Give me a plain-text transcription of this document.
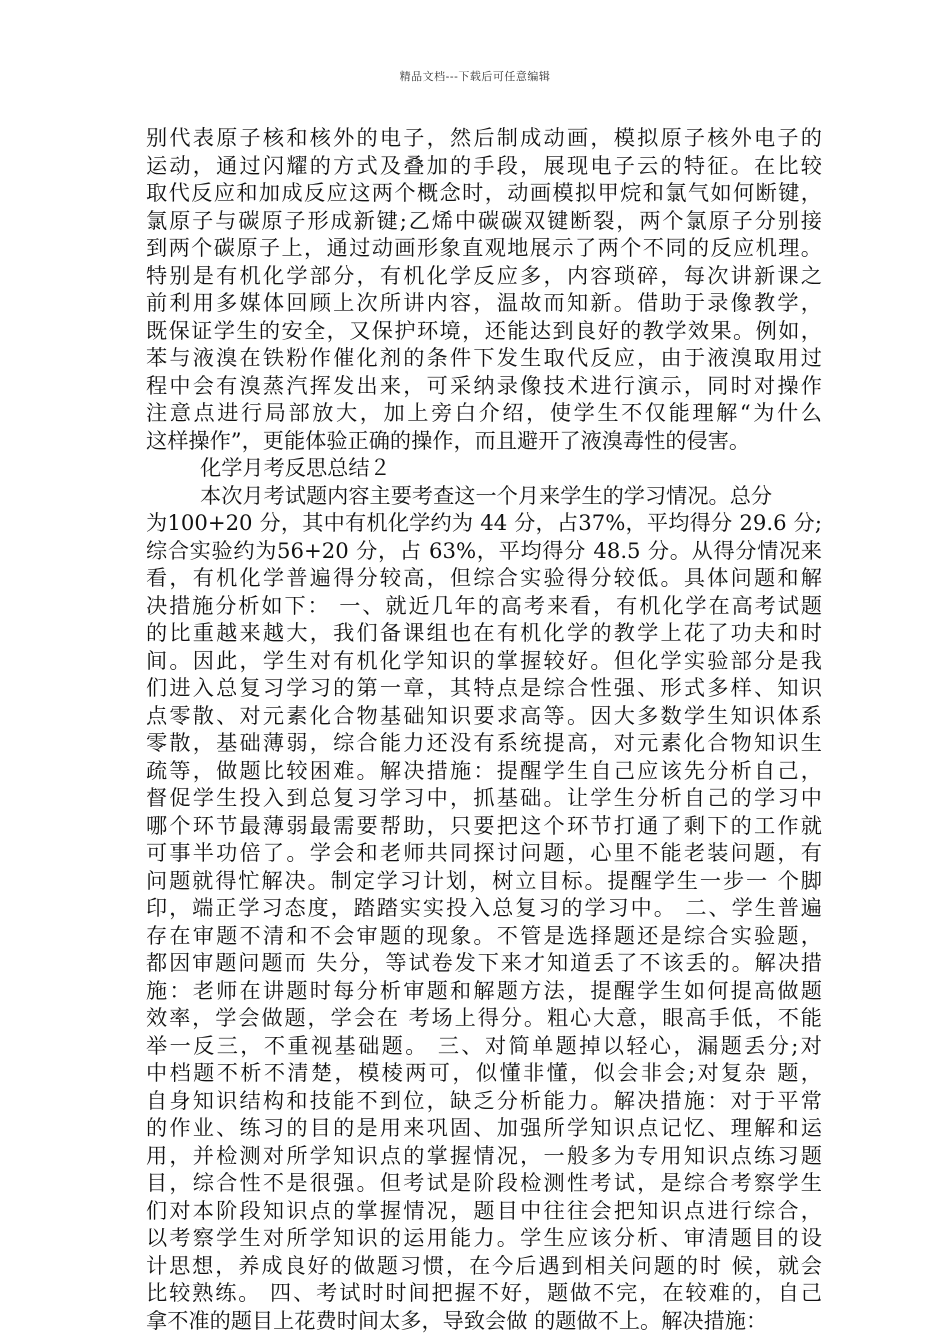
精品文档---下载后可任意编辑
别代表原子核和核外的电子，然后制成动画，模拟原子核外电子的
运动，通过闪耀的方式及叠加的手段，展现电子云的特征。在比较
取代反应和加成反应这两个概念时，动画模拟甲烷和氯气如何断键，
氯原子与碳原子形成新键;乙烯中碳碳双键断裂，两个氯原子分别接
到两个碳原子上，通过动画形象直观地展示了两个不同的反应机理。
特别是有机化学部分，有机化学反应多，内容琐碎，每次讲新课之
前利用多媒体回顾上次所讲内容，温故而知新。借助于录像教学，
既保证学生的安全，又保护环境，还能达到良好的教学效果。例如，
苯与液溴在铁粉作催化剂的条件下发生取代反应，由于液溴取用过
程中会有溴蒸汽挥发出来，可采纳录像技术进行演示，同时对操作
注意点进行局部放大，加上旁白介绍，使学生不仅能理解“为什么
这样操作”，更能体验正确的操作，而且避开了液溴毒性的侵害。
化学月考反思总结２
本次月考试题内容主要考查这一个月来学生的学习情况。总分
为100+20 分，其中有机化学约为 44 分，占37%，平均得分 29.6 分;
综合实验约为56+20 分，占 63%，平均得分 48.5 分。从得分情况来
看，有机化学普遍得分较高，但综合实验得分较低。具体问题和解
决措施分析如下： 一、就近几年的高考来看，有机化学在高考试题
的比重越来越大，我们备课组也在有机化学的教学上花了功夫和时
间。因此，学生对有机化学知识的掌握较好。但化学实验部分是我
们进入总复习学习的第一章，其特点是综合性强、形式多样、知识
点零散、对元素化合物基础知识要求高等。因大多数学生知识体系
零散，基础薄弱，综合能力还没有系统提高，对元素化合物知识生
疏等，做题比较困难。解决措施：提醒学生自己应该先分析自己，
督促学生投入到总复习学习中，抓基础。让学生分析自己的学习中
哪个环节最薄弱最需要帮助，只要把这个环节打通了剩下的工作就
可事半功倍了。学会和老师共同探讨问题，心里不能老装问题，有
问题就得忙解决。制定学习计划，树立目标。提醒学生一步一 个脚
印，端正学习态度，踏踏实实投入总复习的学习中。 二、学生普遍
存在审题不清和不会审题的现象。不管是选择题还是综合实验题，
都因审题问题而 失分，等试卷发下来才知道丢了不该丢的。解决措
施：老师在讲题时每分析审题和解题方法，提醒学生如何提高做题
效率，学会做题，学会在 考场上得分。粗心大意，眼高手低，不能
举一反三，不重视基础题。 三、对简单题掉以轻心，漏题丢分;对
中档题不析不清楚，模棱两可，似懂非懂，似会非会;对复杂 题，
自身知识结构和技能不到位，缺乏分析能力。解决措施：对于平常
的作业、练习的目的是用来巩固、加强所学知识点记忆、理解和运
用，并检测对所学知识点的掌握情况，一般多为专用知识点练习题
目，综合性不是很强。但考试是阶段检测性考试，是综合考察学生
们对本阶段知识点的掌握情况，题目中往往会把知识点进行综合，
以考察学生对所学知识的运用能力。学生应该分析、审清题目的设
计思想，养成良好的做题习惯，在今后遇到相关问题的时 候，就会
比较熟练。 四、考试时时间把握不好，题做不完，在较难的，自己
拿不准的题目上花费时间太多，导致会做 的题做不上。解决措施：
